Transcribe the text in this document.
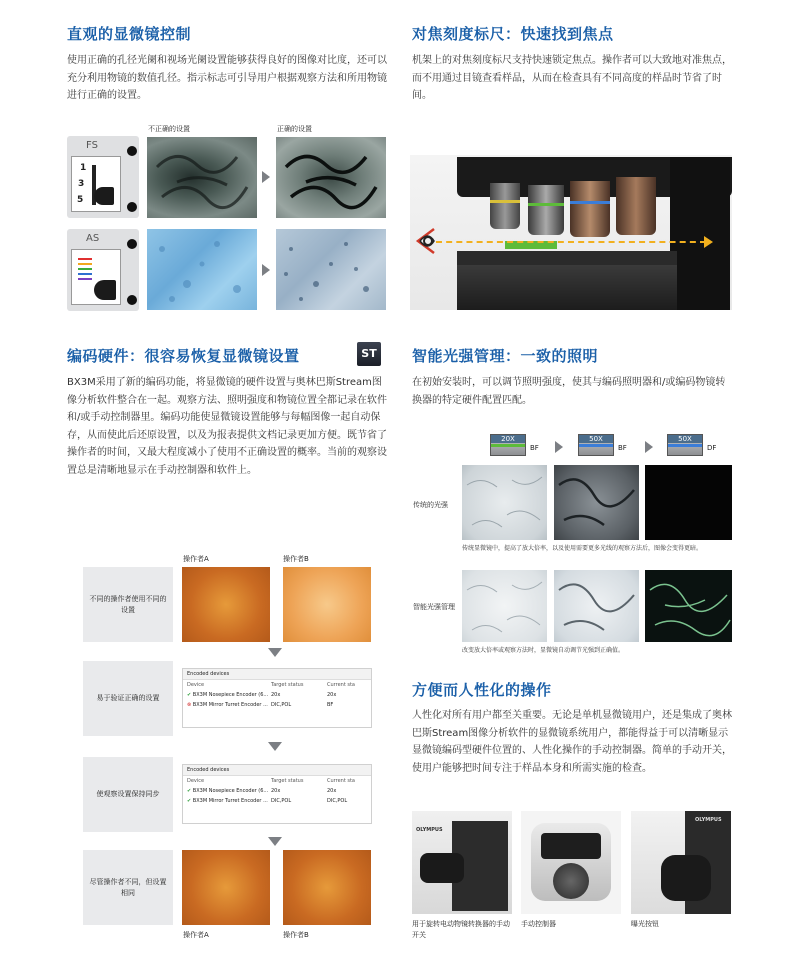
直观的显微镜控制
使用正确的孔径光阑和视场光阑设置能够获得良好的图像对比度，还可以充分利用物镜的数值孔径。指示标志可引导用户根据观察方法和所用物镜进行正确的设置。
不正确的设置	正确的设置
FS
1
3
5
AS
对焦刻度标尺：快速找到焦点
机架上的对焦刻度标尺支持快速锁定焦点。操作者可以大致地对准焦点，而不用通过目镜查看样品，从而在检查具有不同高度的样品时节省了时间。
编码硬件：很容易恢复显微镜设置	ST
BX3M采用了新的编码功能，将显微镜的硬件设置与奥林巴斯Stream图像分析软件整合在一起。观察方法、照明强度和物镜位置全都记录在软件和/或手动控制器里。编码功能使显微镜设置能够与每幅图像一起自动保存，从而使此后还原设置，以及为报表提供文档记录更加方便。既节省了操作者的时间，又最大程度减小了使用不正确设置的概率。当前的观察设置总是清晰地显示在手动控制器和软件上。
操作者A	操作者B
不同的操作者使用不同的设置
易于验证正确的设置
Encoded devices
Device	Target status	Current sta
✔ BX3M Nosepiece Encoder (6... 20x	20x
⊗ BX3M Mirror Turret Encoder ... DIC,POL	BF
使观察设置保持同步
Encoded devices
Device	Target status	Current sta
✔ BX3M Nosepiece Encoder (6... 20x	20x
✔ BX3M Mirror Turret Encoder ... DIC,POL	DIC,POL
尽管操作者不同，但设置相同
操作者A	操作者B
智能光强管理：一致的照明
在初始安装时，可以调节照明强度，使其与编码照明器和/或编码物镜转换器的特定硬件配置匹配。
20X
BF
50X
BF
50X
DF
传统的光强
传统显微镜中，提高了放大倍率，以及使用需要更多光线的观察方法后，图像会变得更暗。
智能光强管理
改变放大倍率或观察方法时，显微镜自动调节光强到正确值。
方便而人性化的操作
人性化对所有用户都至关重要。无论是单机显微镜用户，还是集成了奥林巴斯Stream图像分析软件的显微镜系统用户，都能得益于可以清晰显示显微镜编码型硬件位置的、人性化操作的手动控制器。简单的手动开关，使用户能够把时间专注于样品本身和所需实施的检查。
OLYMPUS
OLYMPUS
用于旋转电动物镜转换器的手动开关
手动控制器	曝光按钮
